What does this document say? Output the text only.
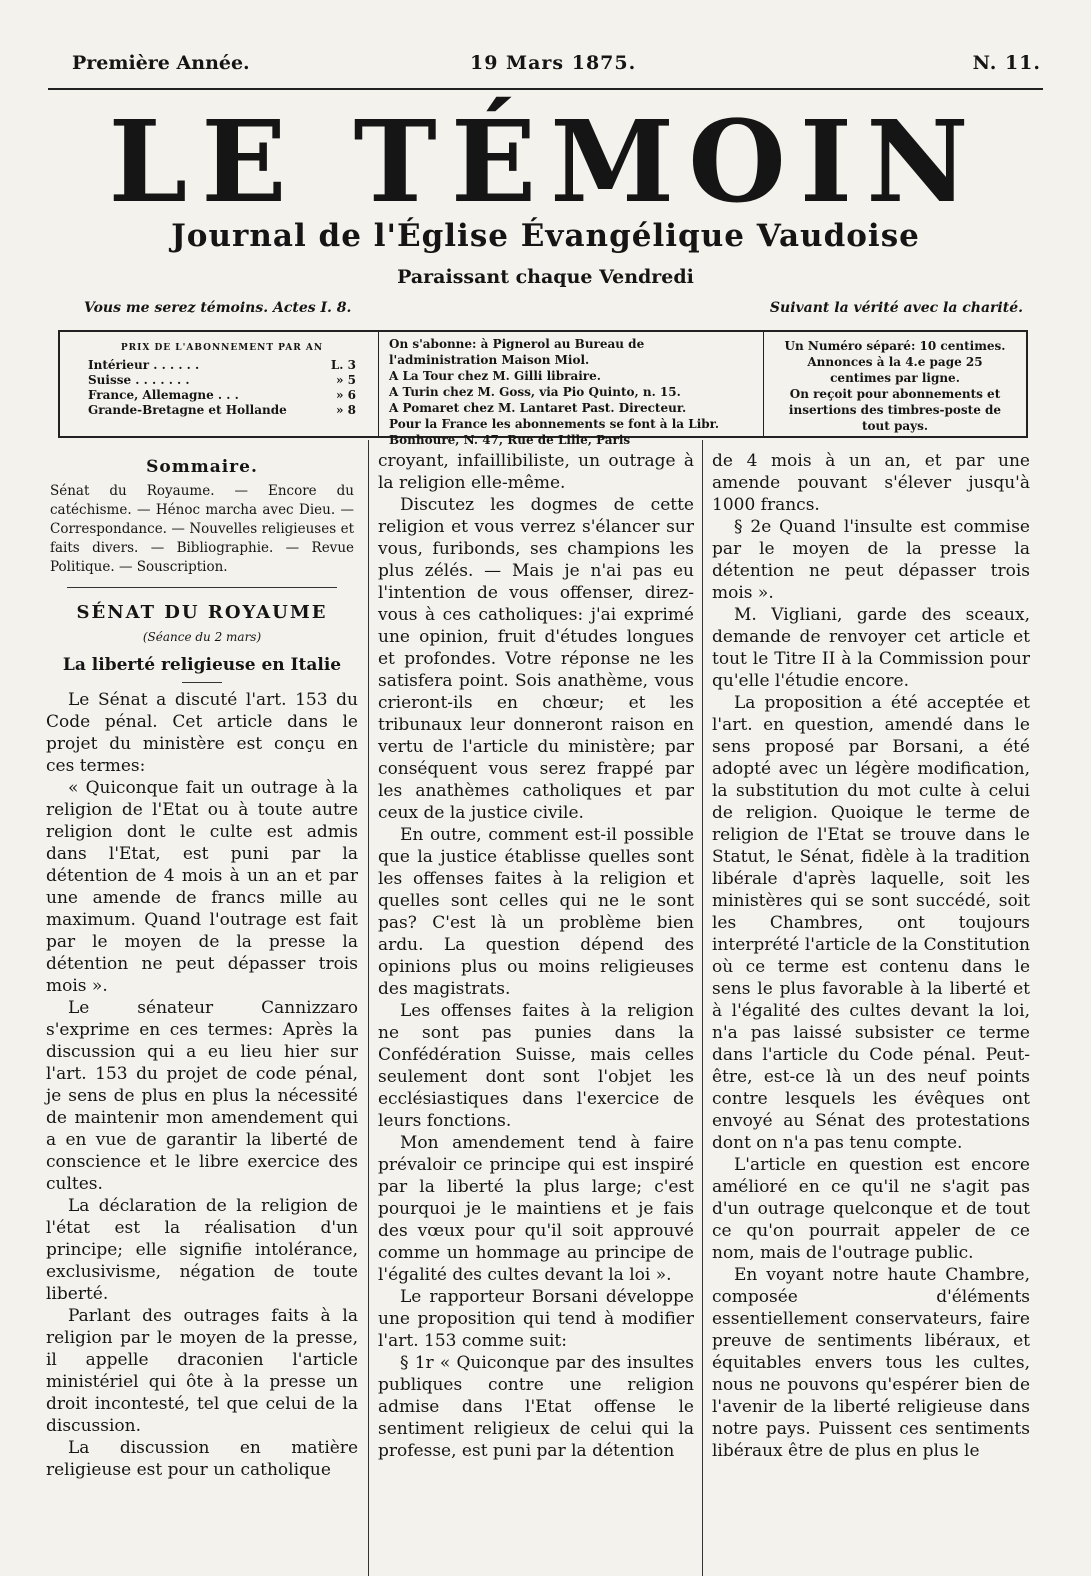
Première Année.	19 Mars 1875.	N. 11.
LE TÉMOIN
Journal de l'Église Évangélique Vaudoise
Paraissant chaque Vendredi
Vous me serez témoins. Actes I. 8.	Suivant la vérité avec la charité.
PRIX DE L'ABONNEMENT PAR AN
Intérieur . . . . . .	L. 3
Suisse . . . . . . .	» 5
France, Allemagne . . .	» 6
Grande-Bretagne et Hollande	» 8
On s'abonne: à Pignerol au Bureau de l'administration Maison Miol.
A La Tour chez M. Gilli libraire.
A Turin chez M. Goss, via Pio Quinto, n. 15.
A Pomaret chez M. Lantaret Past. Directeur.
Pour la France les abonnements se font à la Libr. Bonhoure, N. 47, Rue de Lille, Paris
Un Numéro séparé: 10 centimes.
Annonces à la 4.e page 25 centimes par ligne.
On reçoit pour abonnements et insertions des timbres-poste de tout pays.
Sommaire.
Sénat du Royaume. — Encore du catéchisme. — Hénoc marcha avec Dieu. — Correspondance. — Nouvelles religieuses et faits divers. — Bibliographie. — Revue Politique. — Souscription.
SÉNAT DU ROYAUME
(Séance du 2 mars)
La liberté religieuse en Italie

Le Sénat a discuté l'art. 153 du Code pénal. Cet article dans le projet du ministère est conçu en ces termes:

« Quiconque fait un outrage à la religion de l'Etat ou à toute autre religion dont le culte est admis dans l'Etat, est puni par la détention de 4 mois à un an et par une amende de francs mille au maximum. Quand l'outrage est fait par le moyen de la presse la détention ne peut dépasser trois mois ».

Le sénateur Cannizzaro s'exprime en ces termes: Après la discussion qui a eu lieu hier sur l'art. 153 du projet de code pénal, je sens de plus en plus la nécessité de maintenir mon amendement qui a en vue de garantir la liberté de conscience et le libre exercice des cultes.

La déclaration de la religion de l'état est la réalisation d'un principe; elle signifie intolérance, exclusivisme, négation de toute liberté.

Parlant des outrages faits à la religion par le moyen de la presse, il appelle draconien l'article ministériel qui ôte à la presse un droit incontesté, tel que celui de la discussion.

La discussion en matière religieuse est pour un catholique

croyant, infaillibiliste, un outrage à la religion elle-même.

Discutez les dogmes de cette religion et vous verrez s'élancer sur vous, furibonds, ses champions les plus zélés. — Mais je n'ai pas eu l'intention de vous offenser, direz-vous à ces catholiques: j'ai exprimé une opinion, fruit d'études longues et profondes. Votre réponse ne les satisfera point. Sois anathème, vous crieront-ils en chœur; et les tribunaux leur donneront raison en vertu de l'article du ministère; par conséquent vous serez frappé par les anathèmes catholiques et par ceux de la justice civile.

En outre, comment est-il possible que la justice établisse quelles sont les offenses faites à la religion et quelles sont celles qui ne le sont pas? C'est là un problème bien ardu. La question dépend des opinions plus ou moins religieuses des magistrats.

Les offenses faites à la religion ne sont pas punies dans la Confédération Suisse, mais celles seulement dont sont l'objet les ecclésiastiques dans l'exercice de leurs fonctions.

Mon amendement tend à faire prévaloir ce principe qui est inspiré par la liberté la plus large; c'est pourquoi je le maintiens et je fais des vœux pour qu'il soit approuvé comme un hommage au principe de l'égalité des cultes devant la loi ».

Le rapporteur Borsani développe une proposition qui tend à modifier l'art. 153 comme suit:

§ 1r « Quiconque par des insultes publiques contre une religion admise dans l'Etat offense le sentiment religieux de celui qui la professe, est puni par la détention

de 4 mois à un an, et par une amende pouvant s'élever jusqu'à 1000 francs.

§ 2e Quand l'insulte est commise par le moyen de la presse la détention ne peut dépasser trois mois ».

M. Vigliani, garde des sceaux, demande de renvoyer cet article et tout le Titre II à la Commission pour qu'elle l'étudie encore.

La proposition a été acceptée et l'art. en question, amendé dans le sens proposé par Borsani, a été adopté avec un légère modification, la substitution du mot culte à celui de religion. Quoique le terme de religion de l'Etat se trouve dans le Statut, le Sénat, fidèle à la tradition libérale d'après laquelle, soit les ministères qui se sont succédé, soit les Chambres, ont toujours interprété l'article de la Constitution où ce terme est contenu dans le sens le plus favorable à la liberté et à l'égalité des cultes devant la loi, n'a pas laissé subsister ce terme dans l'article du Code pénal. Peut-être, est-ce là un des neuf points contre lesquels les évêques ont envoyé au Sénat des protestations dont on n'a pas tenu compte.

L'article en question est encore amélioré en ce qu'il ne s'agit pas d'un outrage quelconque et de tout ce qu'on pourrait appeler de ce nom, mais de l'outrage public.

En voyant notre haute Chambre, composée d'éléments essentiellement conservateurs, faire preuve de sentiments libéraux, et équitables envers tous les cultes, nous ne pouvons qu'espérer bien de l'avenir de la liberté religieuse dans notre pays. Puissent ces sentiments libéraux être de plus en plus le
